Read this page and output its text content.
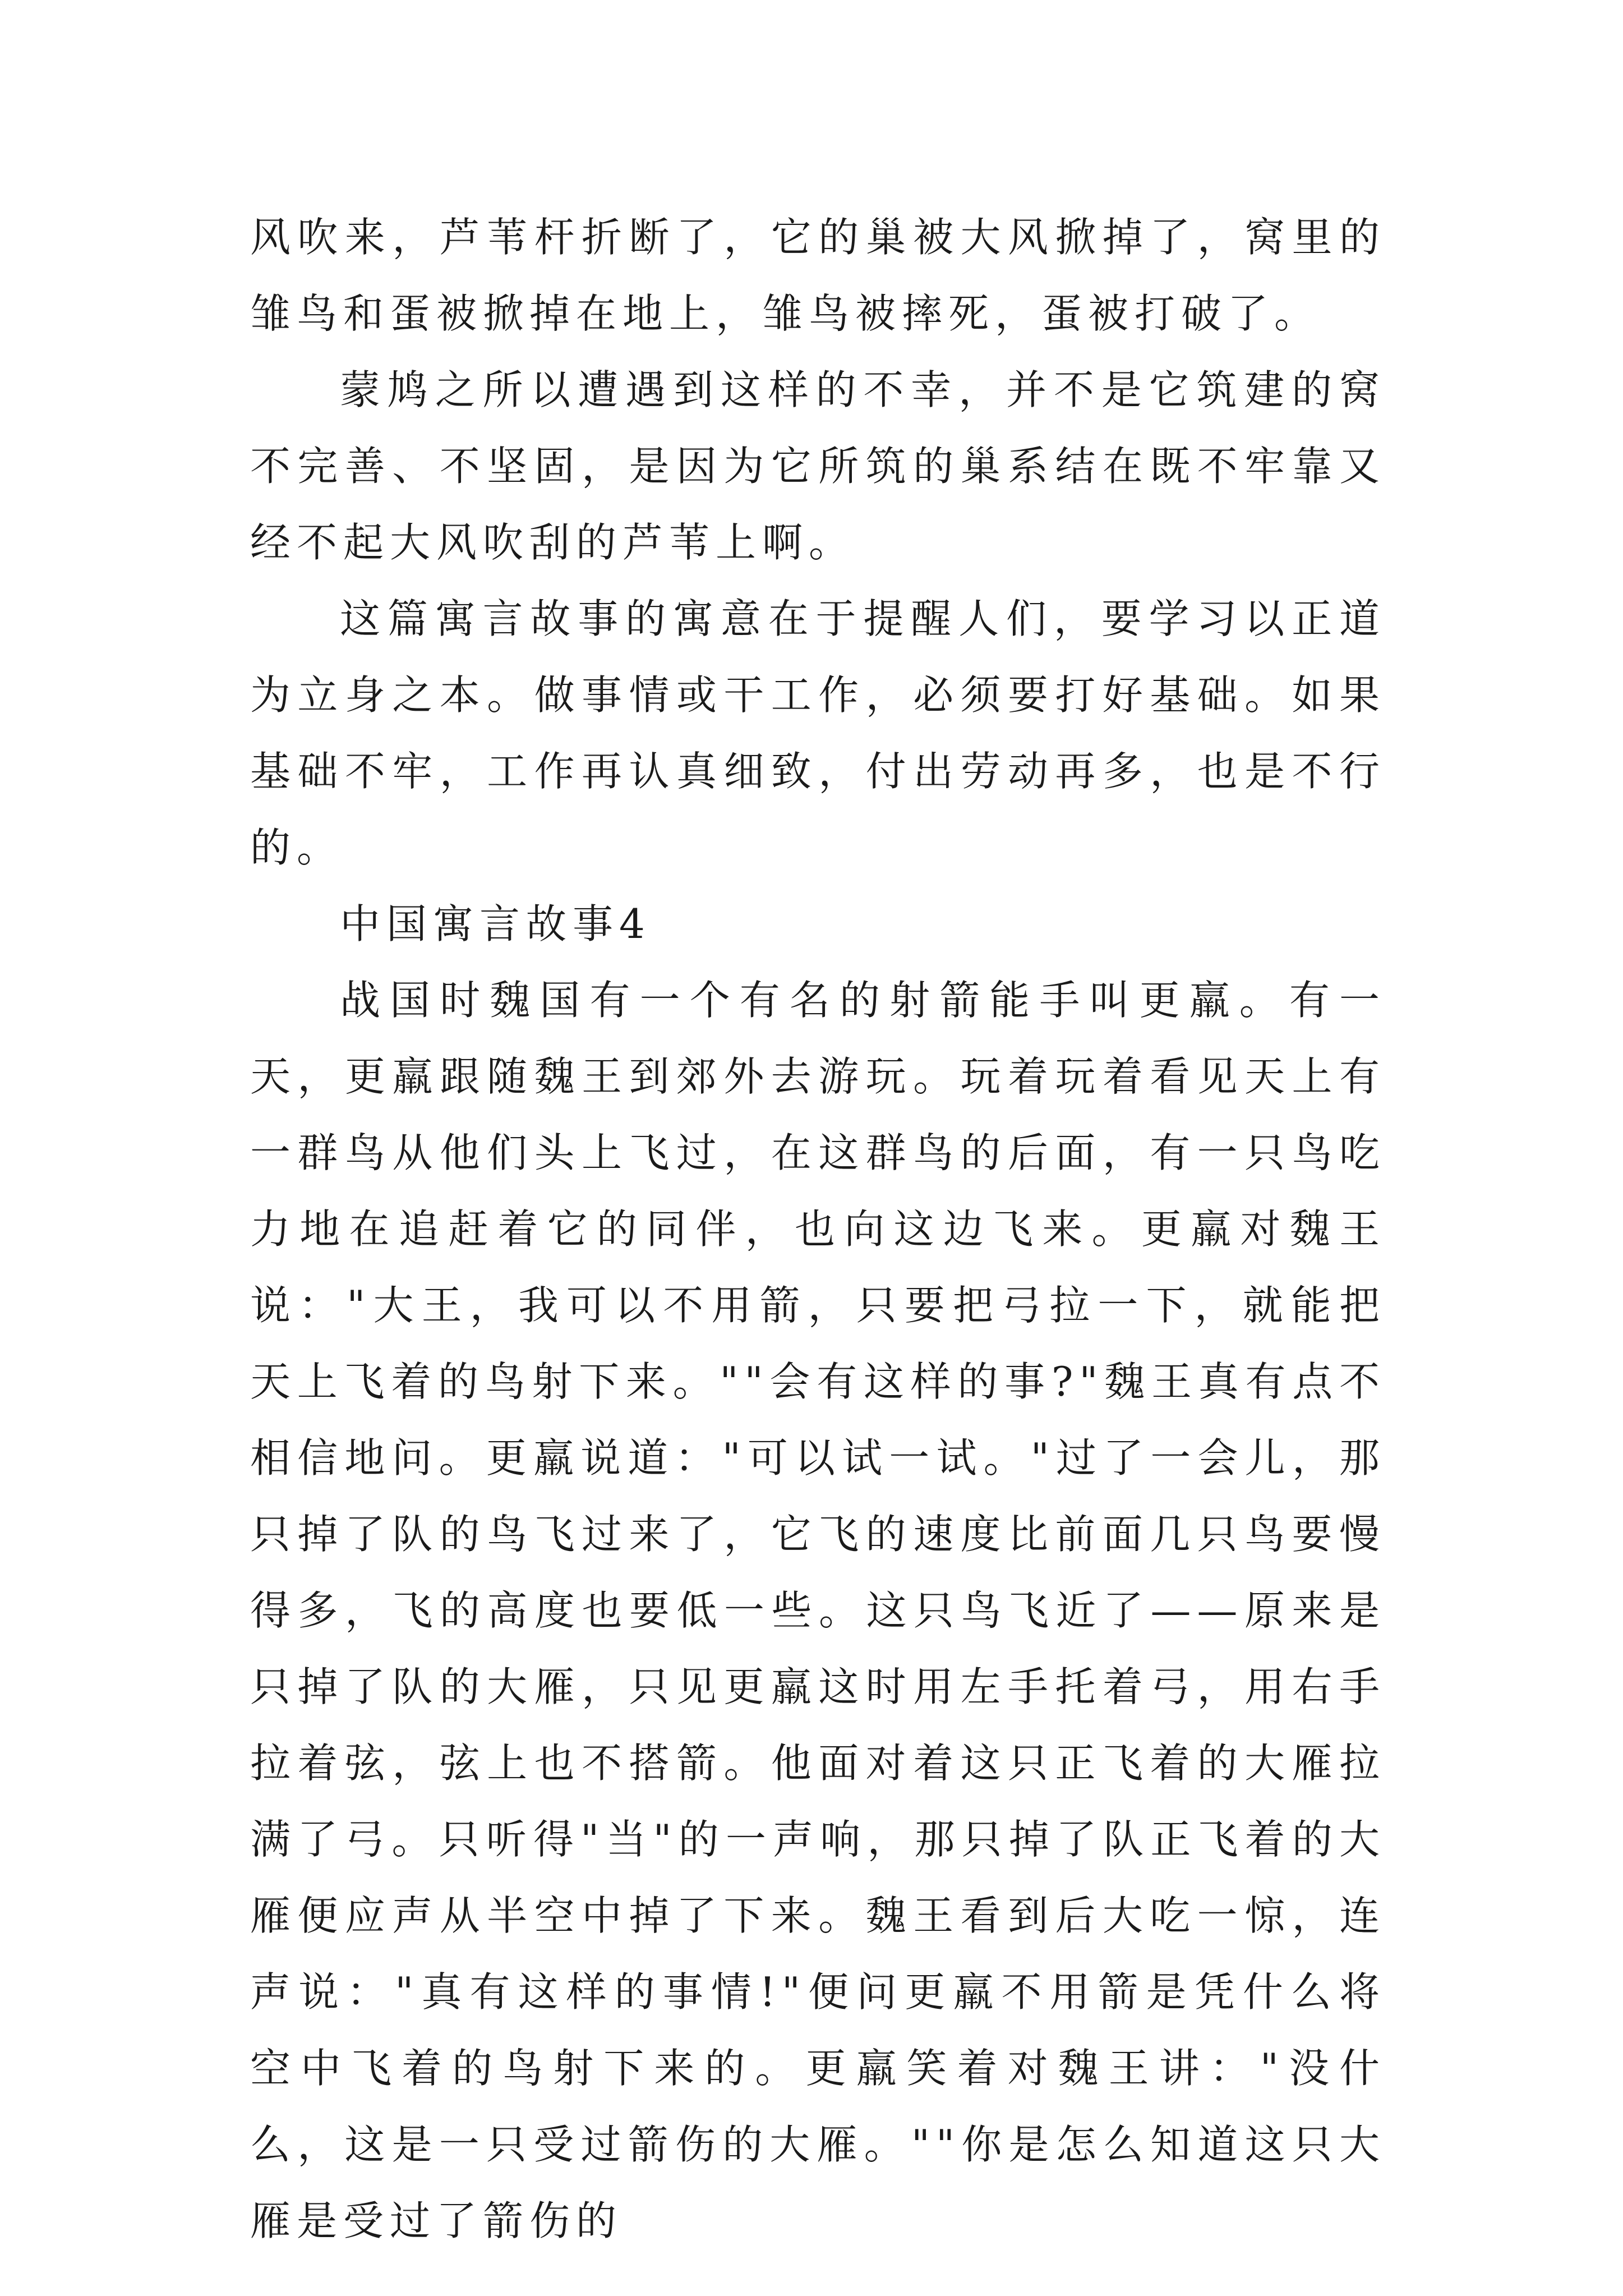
风吹来，芦苇杆折断了，它的巢被大风掀掉了，窝里的雏鸟和蛋被掀掉在地上，雏鸟被摔死，蛋被打破了。

蒙鸠之所以遭遇到这样的不幸，并不是它筑建的窝不完善、不坚固，是因为它所筑的巢系结在既不牢靠又经不起大风吹刮的芦苇上啊。

这篇寓言故事的寓意在于提醒人们，要学习以正道为立身之本。做事情或干工作，必须要打好基础。如果基础不牢，工作再认真细致，付出劳动再多，也是不行的。

中国寓言故事4

战国时魏国有一个有名的射箭能手叫更羸。有一天，更羸跟随魏王到郊外去游玩。玩着玩着看见天上有一群鸟从他们头上飞过，在这群鸟的后面，有一只鸟吃力地在追赶着它的同伴，也向这边飞来。更羸对魏王说："大王，我可以不用箭，只要把弓拉一下，就能把天上飞着的鸟射下来。""会有这样的事?"魏王真有点不相信地问。更羸说道："可以试一试。"过了一会儿，那只掉了队的鸟飞过来了，它飞的速度比前面几只鸟要慢得多，飞的高度也要低一些。这只鸟飞近了——原来是只掉了队的大雁，只见更羸这时用左手托着弓，用右手拉着弦，弦上也不搭箭。他面对着这只正飞着的大雁拉满了弓。只听得"当"的一声响，那只掉了队正飞着的大雁便应声从半空中掉了下来。魏王看到后大吃一惊，连声说："真有这样的事情!"便问更羸不用箭是凭什么将空中飞着的鸟射下来的。更羸笑着对魏王讲："没什么，这是一只受过箭伤的大雁。""你是怎么知道这只大雁是受过了箭伤的
